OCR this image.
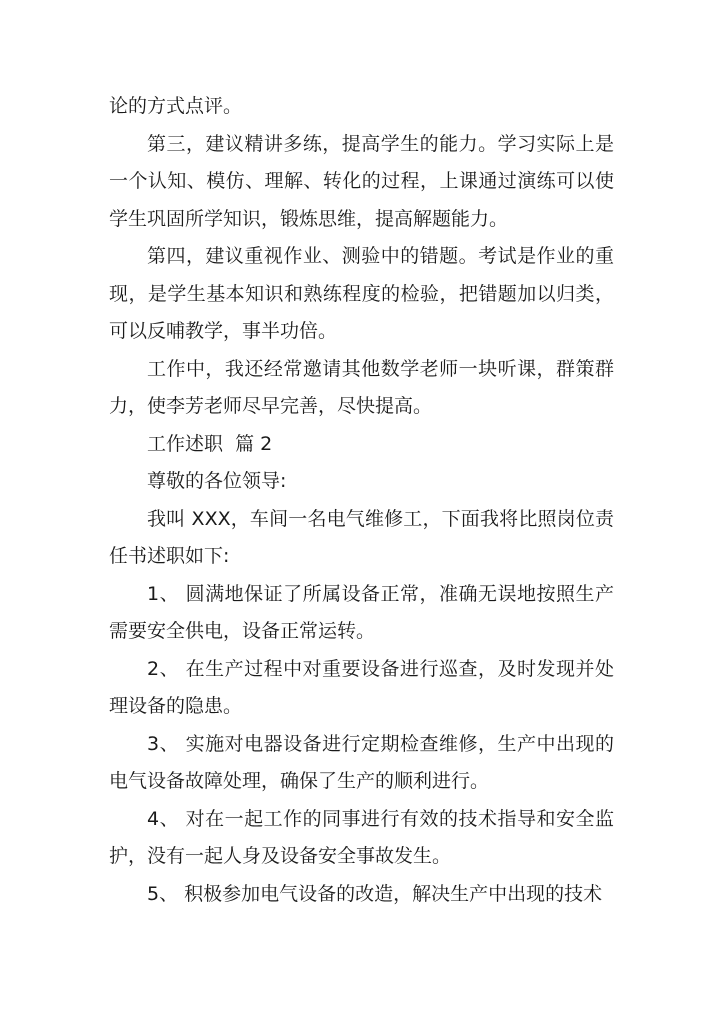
论的方式点评。

第三，建议精讲多练，提高学生的能力。学习实际上是一个认知、模仿、理解、转化的过程，上课通过演练可以使学生巩固所学知识，锻炼思维，提高解题能力。

第四，建议重视作业、测验中的错题。考试是作业的重现，是学生基本知识和熟练程度的检验，把错题加以归类，可以反哺教学，事半功倍。

工作中，我还经常邀请其他数学老师一块听课，群策群力，使李芳老师尽早完善，尽快提高。

工作述职  篇 2

尊敬的各位领导:

我叫 XXX，车间一名电气维修工，下面我将比照岗位责任书述职如下:

1、 圆满地保证了所属设备正常，准确无误地按照生产需要安全供电，设备正常运转。

2、 在生产过程中对重要设备进行巡查，及时发现并处理设备的隐患。

3、 实施对电器设备进行定期检查维修，生产中出现的电气设备故障处理，确保了生产的顺利进行。

4、 对在一起工作的同事进行有效的技术指导和安全监护，没有一起人身及设备安全事故发生。

5、 积极参加电气设备的改造，解决生产中出现的技术
